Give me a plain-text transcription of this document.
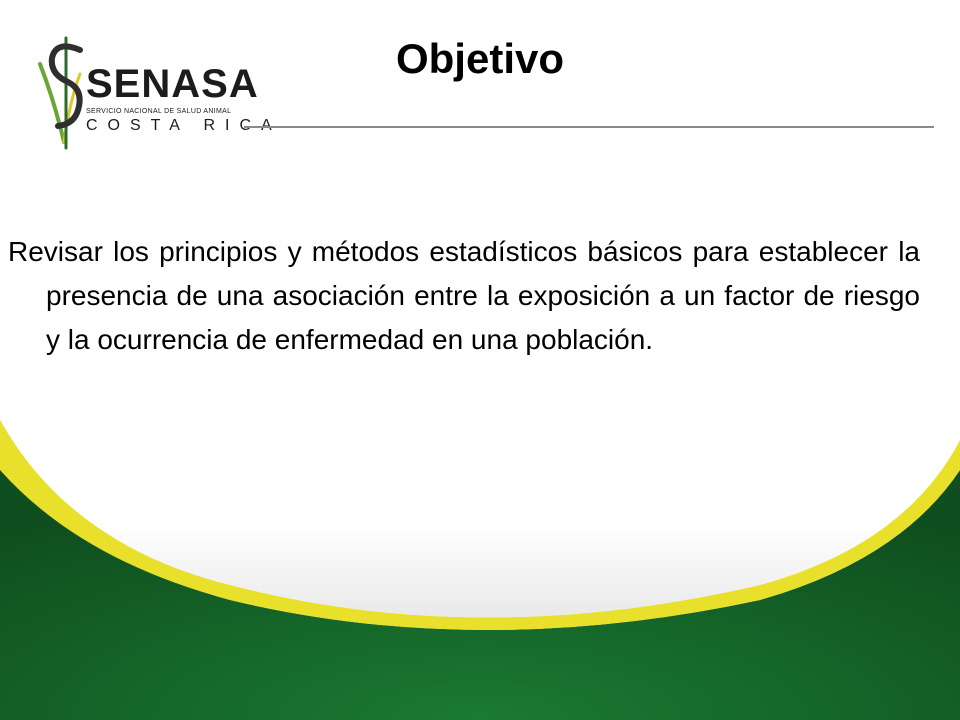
SENASA
SERVICIO NACIONAL DE SALUD ANIMAL
COSTA RICA
Objetivo
Revisar los principios y métodos estadísticos básicos para establecer la presencia de una asociación entre la exposición a un factor de riesgo y la ocurrencia de enfermedad en una población.
